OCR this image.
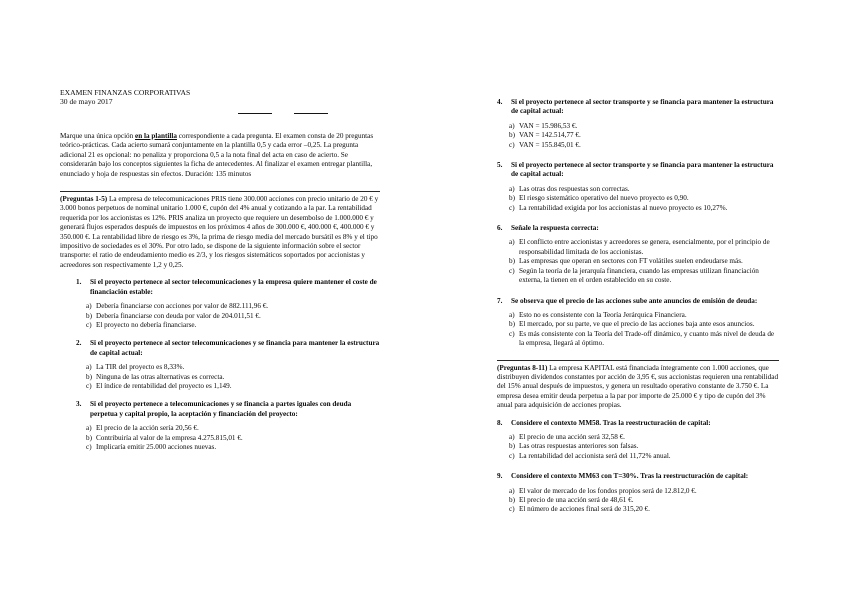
EXAMEN FINANZAS CORPORATIVAS
30 de mayo 2017
Marque una única opción en la plantilla correspondiente a cada pregunta. El examen consta de 20 preguntas teórico-prácticas. Cada acierto sumará conjuntamente en la plantilla 0,5 y cada error –0,25. La pregunta adicional 21 es opcional: no penaliza y proporciona 0,5 a la nota final del acta en caso de acierto. Se considerarán bajo los conceptos siguientes la ficha de antecedentes. Al finalizar el examen entregar plantilla, enunciado y hoja de respuestas sin efectos. Duración: 135 minutos
(Preguntas 1-5) La empresa de telecomunicaciones PRIS tiene 300.000 acciones con precio unitario de 20 € y 3.000 bonos perpetuos de nominal unitario 1.000 €, cupón del 4% anual y cotizando a la par. La rentabilidad requerida por los accionistas es 12%. PRIS analiza un proyecto que requiere un desembolso de 1.000.000 € y generará flujos esperados después de impuestos en los próximos 4 años de 300.000 €, 400.000 €, 400.000 € y 350.000 €. La rentabilidad libre de riesgo es 3%, la prima de riesgo media del mercado bursátil es 8% y el tipo impositivo de sociedades es el 30%. Por otro lado, se dispone de la siguiente información sobre el sector transporte: el ratio de endeudamiento medio es 2/3, y los riesgos sistemáticos soportados por accionistas y acreedores son respectivamente 1,2 y 0,25.
1. Si el proyecto pertenece al sector telecomunicaciones y la empresa quiere mantener el coste de financiación estable:
a) Debería financiarse con acciones por valor de 882.111,96 €.
b) Debería financiarse con deuda por valor de 204.011,51 €.
c) El proyecto no debería financiarse.
2. Si el proyecto pertenece al sector telecomunicaciones y se financia para mantener la estructura de capital actual:
a) La TIR del proyecto es 8,33%.
b) Ninguna de las otras alternativas es correcta.
c) El índice de rentabilidad del proyecto es 1,149.
3. Si el proyecto pertenece a telecomunicaciones y se financia a partes iguales con deuda perpetua y capital propio, la aceptación y financiación del proyecto:
a) El precio de la acción sería 20,56 €.
b) Contribuiría al valor de la empresa 4.275.815,01 €.
c) Implicaría emitir 25.000 acciones nuevas.
4. Si el proyecto pertenece al sector transporte y se financia para mantener la estructura de capital actual:
a) VAN = 15.986,53 €.
b) VAN = 142.514,77 €.
c) VAN = 155.845,01 €.
5. Si el proyecto pertenece al sector transporte y se financia para mantener la estructura de capital actual:
a) Las otras dos respuestas son correctas.
b) El riesgo sistemático operativo del nuevo proyecto es 0,90.
c) La rentabilidad exigida por los accionistas al nuevo proyecto es 10,27%.
6. Señale la respuesta correcta:
a) El conflicto entre accionistas y acreedores se genera, esencialmente, por el principio de responsabilidad limitada de los accionistas.
b) Las empresas que operan en sectores con FT volátiles suelen endeudarse más.
c) Según la teoría de la jerarquía financiera, cuando las empresas utilizan financiación externa, la tienen en el orden establecido en su coste.
7. Se observa que el precio de las acciones sube ante anuncios de emisión de deuda:
a) Esto no es consistente con la Teoría Jerárquica Financiera.
b) El mercado, por su parte, ve que el precio de las acciones baja ante esos anuncios.
c) Es más consistente con la Teoría del Trade-off dinámico, y cuanto más nivel de deuda de la empresa, llegará al óptimo.
(Preguntas 8-11) La empresa KAPITAL está financiada íntegramente con 1.000 acciones, que distribuyen dividendos constantes por acción de 3,95 €, sus accionistas requieren una rentabilidad del 15% anual después de impuestos, y genera un resultado operativo constante de 3.750 €. La empresa desea emitir deuda perpetua a la par por importe de 25.000 € y tipo de cupón del 3% anual para adquisición de acciones propias.
8. Considere el contexto MM58. Tras la reestructuración de capital:
a) El precio de una acción será 32,58 €.
b) Las otras respuestas anteriores son falsas.
c) La rentabilidad del accionista será del 11,72% anual.
9. Considere el contexto MM63 con T=30%. Tras la reestructuración de capital:
a) El valor de mercado de los fondos propios será de 12.812,0 €.
b) El precio de una acción será de 48,61 €.
c) El número de acciones final será de 315,20 €.
